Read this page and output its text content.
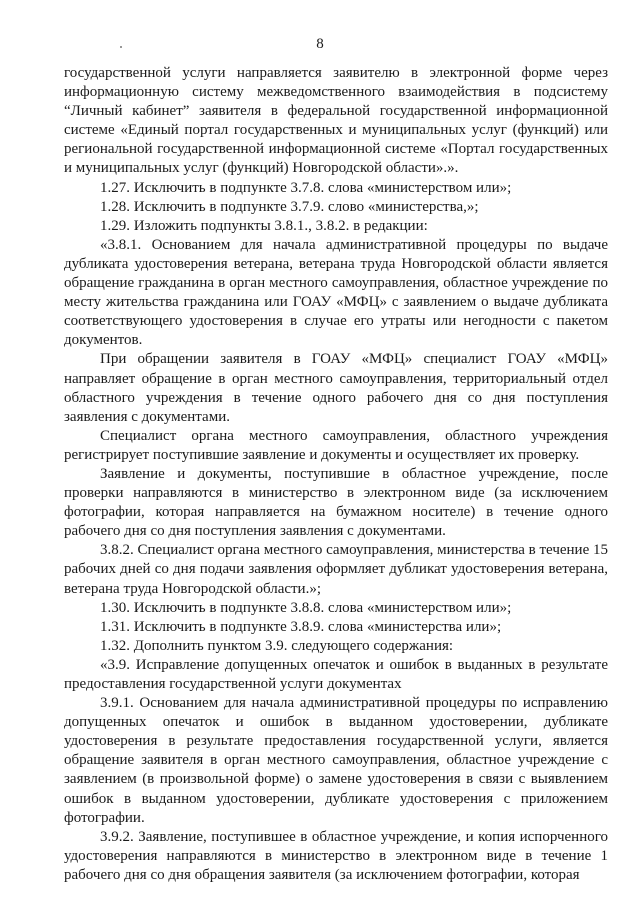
8

государственной услуги направляется заявителю в электронной форме через информационную систему межведомственного взаимодействия в подсистему “Личный кабинет” заявителя в федеральной государственной информационной системе «Единый портал государственных и муниципальных услуг (функций) или региональной государственной информационной системе «Портал государственных и муниципальных услуг (функций) Новгородской области».».

1.27. Исключить в подпункте 3.7.8. слова «министерством или»;

1.28. Исключить в подпункте 3.7.9. слово «министерства,»;

1.29. Изложить подпункты 3.8.1., 3.8.2. в редакции:

«3.8.1. Основанием для начала административной процедуры по выдаче дубликата удостоверения ветерана, ветерана труда Новгородской области является обращение гражданина в орган местного самоуправления, областное учреждение по месту жительства гражданина или ГОАУ «МФЦ» с заявлением о выдаче дубликата соответствующего удостоверения в случае его утраты или негодности с пакетом документов.

При обращении заявителя в ГОАУ «МФЦ» специалист ГОАУ «МФЦ» направляет обращение в орган местного самоуправления, территориальный отдел областного учреждения в течение одного рабочего дня со дня поступления заявления с документами.

Специалист органа местного самоуправления, областного учреждения регистрирует поступившие заявление и документы и осуществляет их проверку.

Заявление и документы, поступившие в областное учреждение, после проверки направляются в министерство в электронном виде (за исключением фотографии, которая направляется на бумажном носителе) в течение одного рабочего дня со дня поступления заявления с документами.

3.8.2. Специалист органа местного самоуправления, министерства в течение 15 рабочих дней со дня подачи заявления оформляет дубликат удостоверения ветерана, ветерана труда Новгородской области.»;

1.30. Исключить в подпункте 3.8.8. слова «министерством или»;

1.31. Исключить в подпункте 3.8.9. слова «министерства или»;

1.32. Дополнить пунктом 3.9. следующего содержания:

«3.9. Исправление допущенных опечаток и ошибок в выданных в результате предоставления государственной услуги документах

3.9.1. Основанием для начала административной процедуры по исправлению допущенных опечаток и ошибок в выданном удостоверении, дубликате удостоверения в результате предоставления государственной услуги, является обращение заявителя в орган местного самоуправления, областное учреждение с заявлением (в произвольной форме) о замене удостоверения в связи с выявлением ошибок в выданном удостоверении, дубликате удостоверения с приложением фотографии.

3.9.2. Заявление, поступившее в областное учреждение, и копия испорченного удостоверения направляются в министерство в электронном виде в течение 1 рабочего дня со дня обращения заявителя (за исключением фотографии, которая
